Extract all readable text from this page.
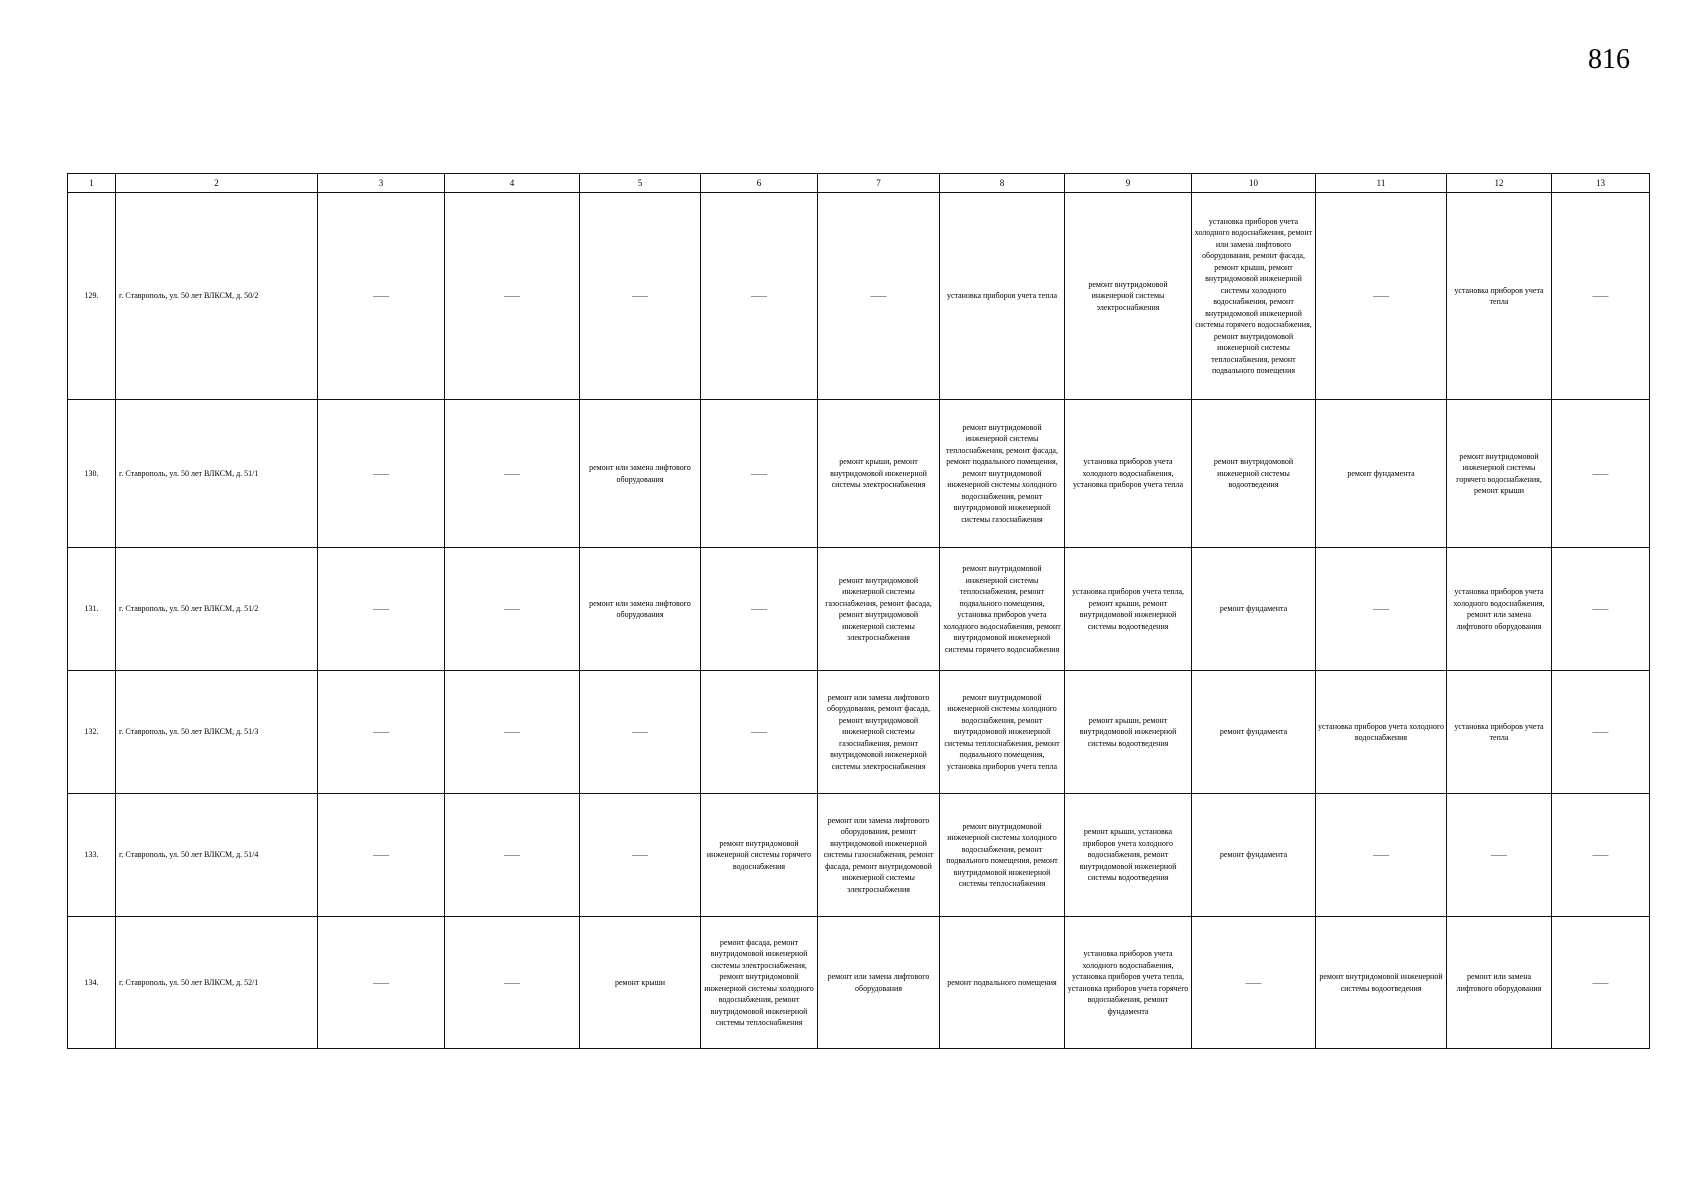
816
1	2	3	4	5	6	7	8	9	10	11	12	13
129.	г. Ставрополь, ул. 50 лет ВЛКСМ, д. 50/2	——	——	——	——	——	установка приборов учета тепла	ремонт внутридомовой инженерной системы электроснабжения	установка приборов учета холодного водоснабжения, ремонт или замена лифтового оборудования, ремонт фасада, ремонт крыши, ремонт внутридомовой инженерной системы холодного водоснабжения, ремонт внутридомовой инженерной системы горячего водоснабжения, ремонт внутридомовой инженерной системы теплоснабжения, ремонт подвального помещения	——	установка приборов учета тепла	——
130.	г. Ставрополь, ул. 50 лет ВЛКСМ, д. 51/1	——	——	ремонт или замена лифтового оборудования	——	ремонт крыши, ремонт внутридомовой инженерной системы электроснабжения	ремонт внутридомовой инженерной системы теплоснабжения, ремонт фасада, ремонт подвального помещения, ремонт внутридомовой инженерной системы холодного водоснабжения, ремонт внутридомовой инженерной системы газоснабжения	установка приборов учета холодного водоснабжения, установка приборов учета тепла	ремонт внутридомовой инженерной системы водоотведения	ремонт фундамента	ремонт внутридомовой инженерной системы горячего водоснабжения, ремонт крыши	——
131.	г. Ставрополь, ул. 50 лет ВЛКСМ, д. 51/2	——	——	ремонт или замена лифтового оборудования	——	ремонт внутридомовой инженерной системы газоснабжения, ремонт фасада, ремонт внутридомовой инженерной системы электроснабжения	ремонт внутридомовой инженерной системы теплоснабжения, ремонт подвального помещения, установка приборов учета холодного водоснабжения, ремонт внутридомовой инженерной системы горячего водоснабжения	установка приборов учета тепла, ремонт крыши, ремонт внутридомовой инженерной системы водоотведения	ремонт фундамента	——	установка приборов учета холодного водоснабжения, ремонт или замена лифтового оборудования	——
132.	г. Ставрополь, ул. 50 лет ВЛКСМ, д. 51/3	——	——	——	——	ремонт или замена лифтового оборудования, ремонт фасада, ремонт внутридомовой инженерной системы газоснабжения, ремонт внутридомовой инженерной системы электроснабжения	ремонт внутридомовой инженерной системы холодного водоснабжения, ремонт внутридомовой инженерной системы теплоснабжения, ремонт подвального помещения, установка приборов учета тепла	ремонт крыши, ремонт внутридомовой инженерной системы водоотведения	ремонт фундамента	установка приборов учета холодного водоснабжения	установка приборов учета тепла	——
133.	г. Ставрополь, ул. 50 лет ВЛКСМ, д. 51/4	——	——	——	ремонт внутридомовой инженерной системы горячего водоснабжения	ремонт или замена лифтового оборудования, ремонт внутридомовой инженерной системы газоснабжения, ремонт фасада, ремонт внутридомовой инженерной системы электроснабжения	ремонт внутридомовой инженерной системы холодного водоснабжения, ремонт подвального помещения, ремонт внутридомовой инженерной системы теплоснабжения	ремонт крыши, установка приборов учета холодного водоснабжения, ремонт внутридомовой инженерной системы водоотведения	ремонт фундамента	——	——	——
134.	г. Ставрополь, ул. 50 лет ВЛКСМ, д. 52/1	——	——	ремонт крыши	ремонт фасада, ремонт внутридомовой инженерной системы электроснабжения, ремонт внутридомовой инженерной системы холодного водоснабжения, ремонт внутридомовой инженерной системы теплоснабжения	ремонт или замена лифтового оборудования	ремонт подвального помещения	установка приборов учета холодного водоснабжения, установка приборов учета тепла, установка приборов учета горячего водоснабжения, ремонт фундамента	——	ремонт внутридомовой инженерной системы водоотведения	ремонт или замена лифтового оборудования	——
